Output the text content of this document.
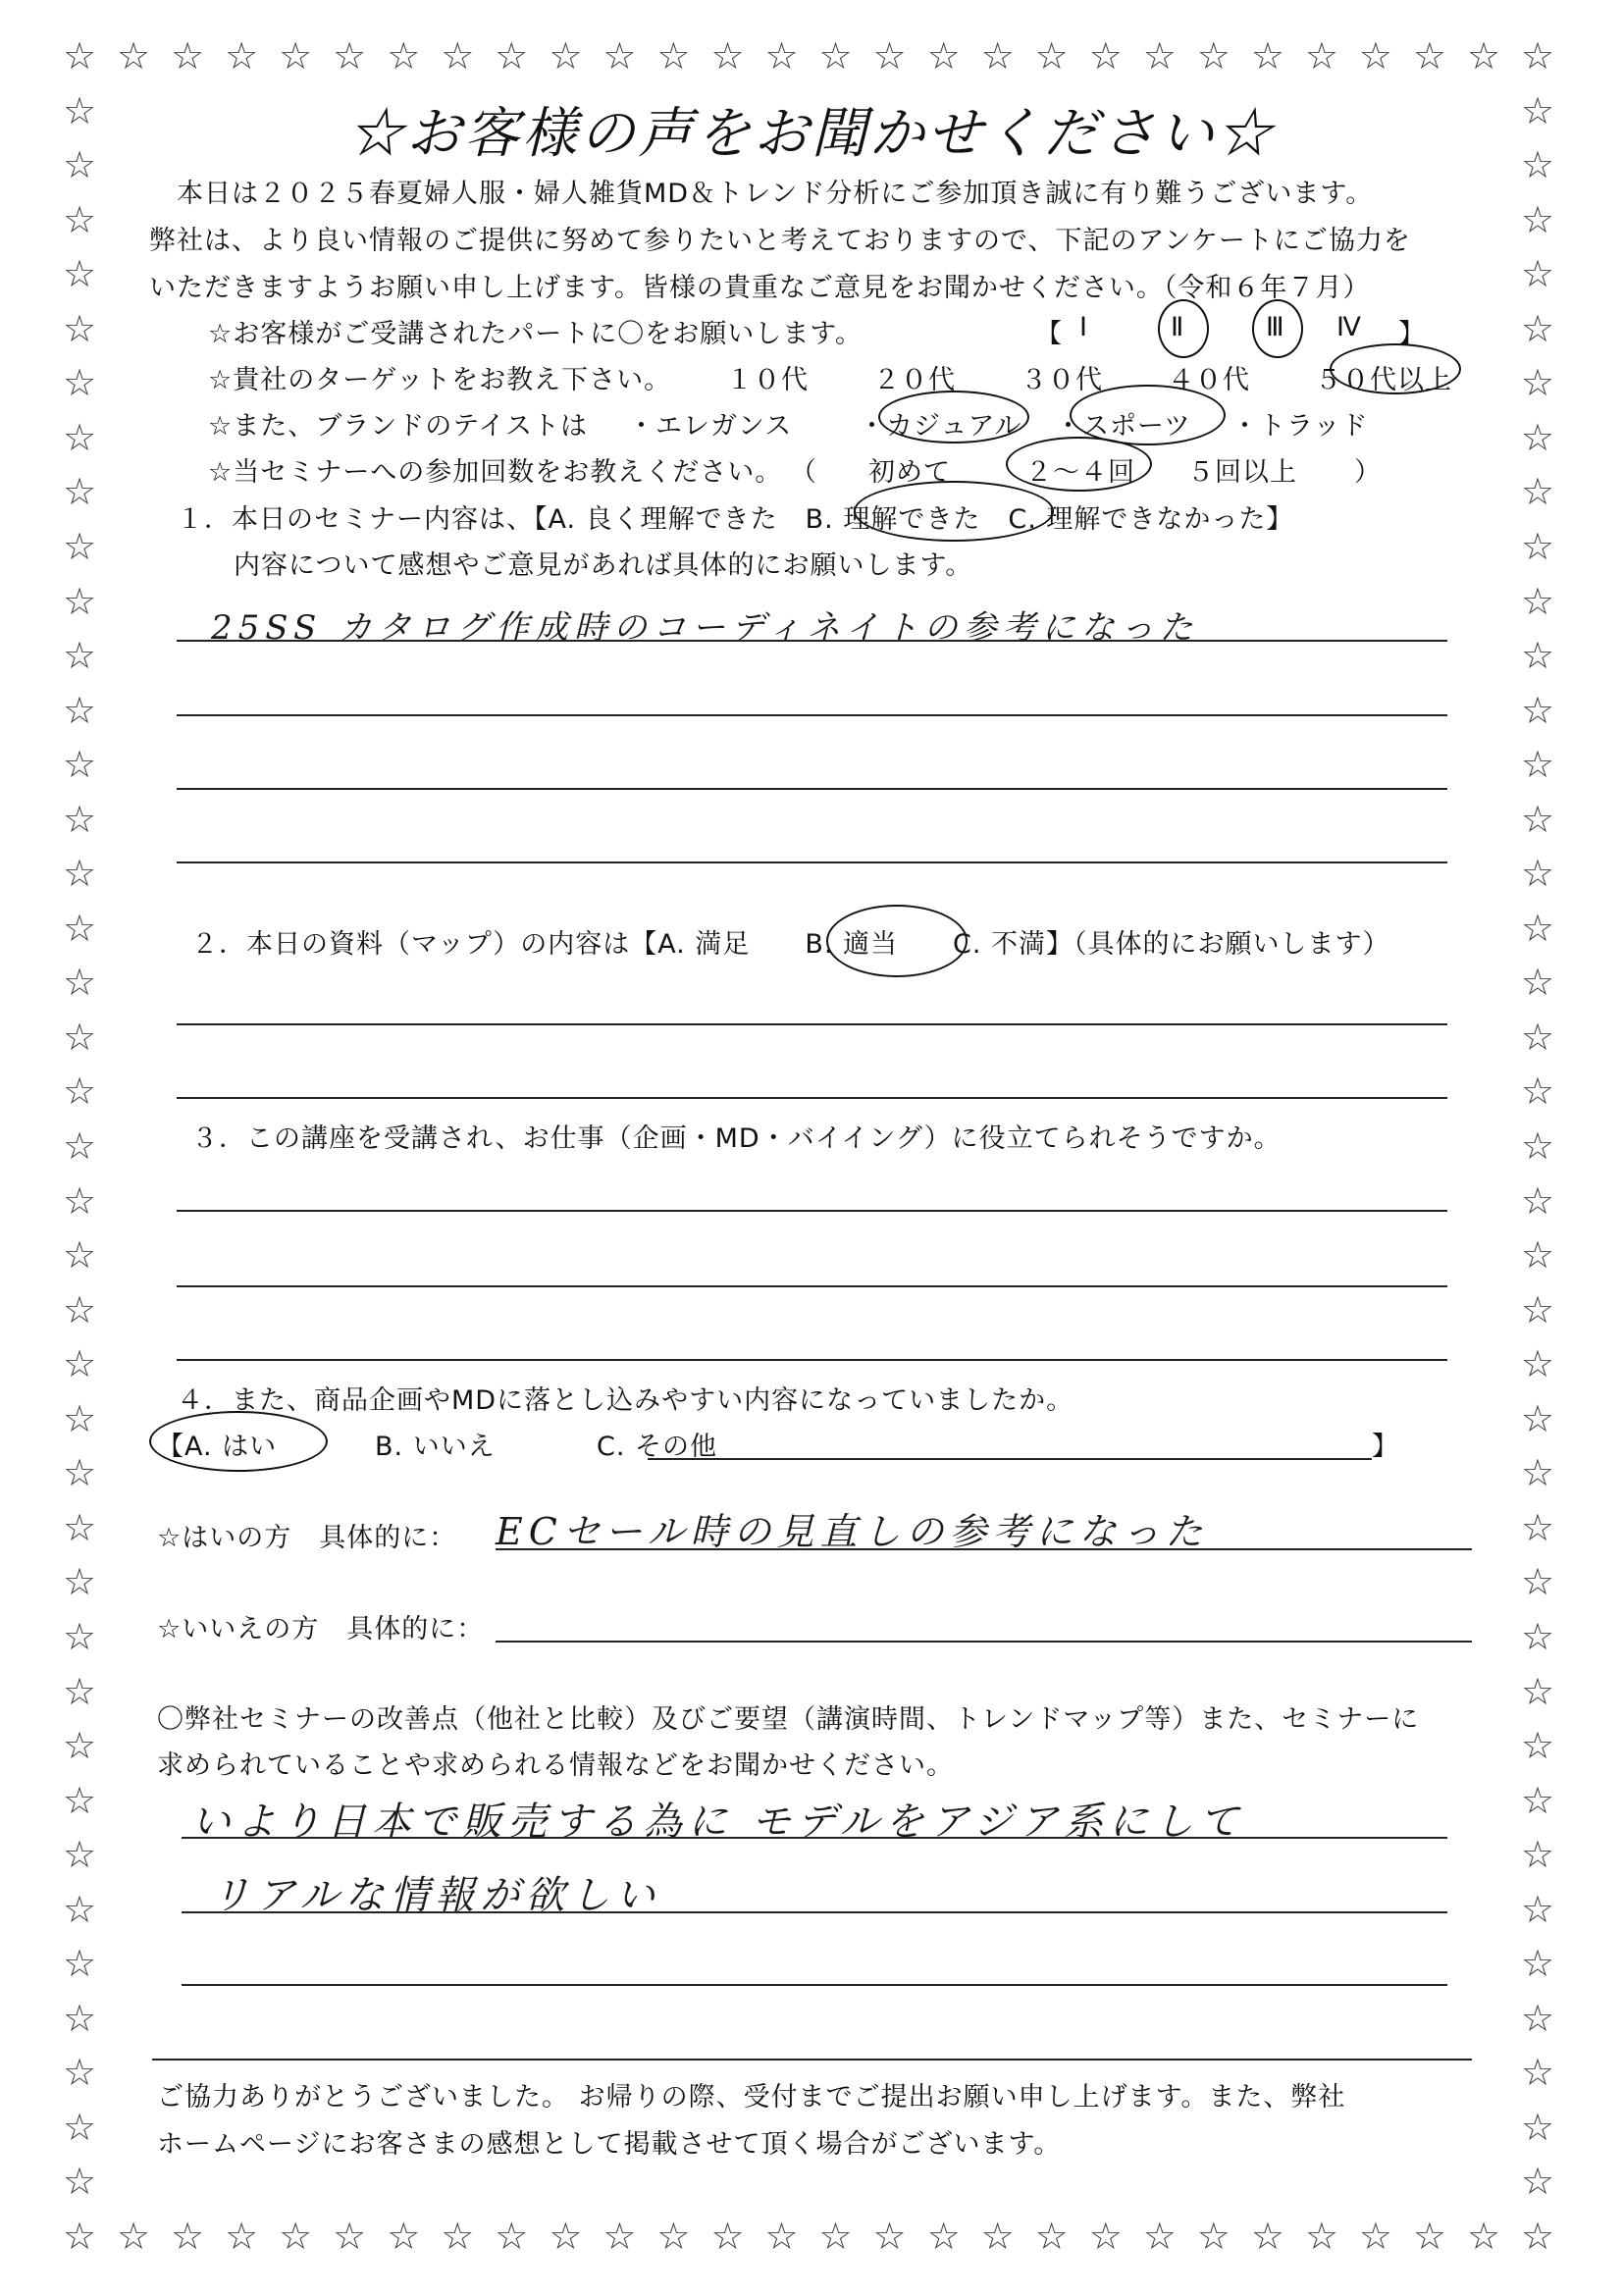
☆
☆
☆
☆
☆
☆
☆
☆
☆
☆
☆
☆
☆
☆
☆
☆
☆
☆
☆
☆
☆
☆
☆
☆
☆
☆
☆
☆
☆
☆
☆
☆
☆
☆
☆
☆
☆
☆
☆
☆
☆
☆
☆
☆
☆
☆
☆
☆
☆
☆
☆
☆
☆
☆
☆
☆
☆	☆
☆	☆
☆	☆
☆	☆
☆	☆
☆	☆
☆	☆
☆	☆
☆	☆
☆	☆
☆	☆
☆	☆
☆	☆
☆	☆
☆	☆
☆	☆
☆	☆
☆	☆
☆	☆
☆	☆
☆	☆
☆	☆
☆	☆
☆	☆
☆	☆
☆	☆
☆	☆
☆	☆
☆	☆
☆	☆
☆	☆
☆	☆
☆	☆
☆	☆
☆	☆
☆	☆
☆	☆
☆	☆
☆	☆
☆お客様の声をお聞かせください☆
本日は２０２５春夏婦人服・婦人雑貨MD＆トレンド分析にご参加頂き誠に有り難うございます。
弊社は、より良い情報のご提供に努めて参りたいと考えておりますので、下記のアンケートにご協力を
いただきますようお願い申し上げます。皆様の貴重なご意見をお聞かせください。（令和６年７月）
☆お客様がご受講されたパートに〇をお願いします。	【 Ⅰ	Ⅱ	Ⅲ Ⅳ 】
☆貴社のターゲットをお教え下さい。 １０代 ２０代 ３０代 ４０代 ５０代以上
☆また、ブランドのテイストは ・エレガンス	・カジュアル ・スポーツ ・トラッド
☆当セミナーへの参加回数をお教えください。 （ 初めて	２～４回 ５回以上 ）
１．本日のセミナー内容は、【A. 良く理解できた　B. 理解できた　C. 理解できなかった】
内容について感想やご意見があれば具体的にお願いします。
25SS カタログ作成時のコーディネイトの参考になった
２．本日の資料（マップ）の内容は【A. 満足　　B. 適当　　C. 不満】（具体的にお願いします）
３．この講座を受講され、お仕事（企画・MD・バイイング）に役立てられそうですか。
４．また、商品企画やMDに落とし込みやすい内容になっていましたか。
【A. はい	B. いいえ	C. その他	】
☆はいの方　具体的に： ECセール時の見直しの参考になった
☆いいえの方　具体的に：
〇弊社セミナーの改善点（他社と比較）及びご要望（講演時間、トレンドマップ等）また、セミナーに
求められていることや求められる情報などをお聞かせください。
いより日本で販売する為に モデルをアジア系にして
リアルな情報が欲しい
ご協力ありがとうございました。 お帰りの際、受付までご提出お願い申し上げます。また、弊社
ホームページにお客さまの感想として掲載させて頂く場合がございます。
